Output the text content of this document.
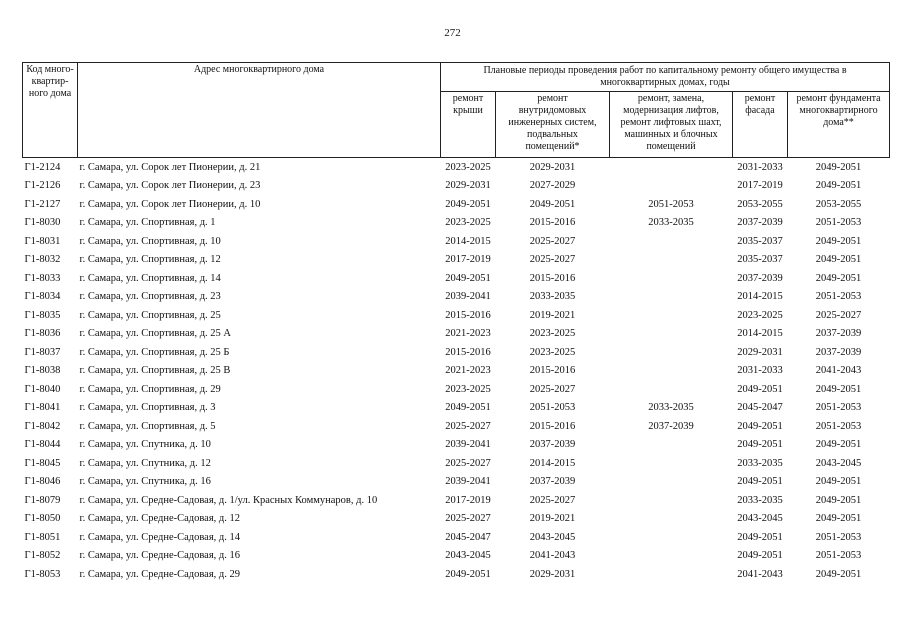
272
Код много-квартир-ного дома	Адрес многоквартирного дома	Плановые периоды проведения работ по капитальному ремонту общего имущества в многоквартирных домах, годы				
		ремонт крыши	ремонт внутридомовых инженерных систем, подвальных помещений*	ремонт, замена, модернизация лифтов, ремонт лифтовых шахт, машинных и блочных помещений	ремонт фасада	ремонт фундамента многоквартирного дома**
Г1-2124	г. Самара, ул. Сорок лет Пионерии, д. 21	2023-2025	2029-2031		2031-2033	2049-2051
Г1-2126	г. Самара, ул. Сорок лет Пионерии, д. 23	2029-2031	2027-2029		2017-2019	2049-2051
Г1-2127	г. Самара, ул. Сорок лет Пионерии, д. 10	2049-2051	2049-2051	2051-2053	2053-2055	2053-2055
Г1-8030	г. Самара, ул. Спортивная, д. 1	2023-2025	2015-2016	2033-2035	2037-2039	2051-2053
Г1-8031	г. Самара, ул. Спортивная, д. 10	2014-2015	2025-2027		2035-2037	2049-2051
Г1-8032	г. Самара, ул. Спортивная, д. 12	2017-2019	2025-2027		2035-2037	2049-2051
Г1-8033	г. Самара, ул. Спортивная, д. 14	2049-2051	2015-2016		2037-2039	2049-2051
Г1-8034	г. Самара, ул. Спортивная, д. 23	2039-2041	2033-2035		2014-2015	2051-2053
Г1-8035	г. Самара, ул. Спортивная, д. 25	2015-2016	2019-2021		2023-2025	2025-2027
Г1-8036	г. Самара, ул. Спортивная, д. 25 А	2021-2023	2023-2025		2014-2015	2037-2039
Г1-8037	г. Самара, ул. Спортивная, д. 25 Б	2015-2016	2023-2025		2029-2031	2037-2039
Г1-8038	г. Самара, ул. Спортивная, д. 25 В	2021-2023	2015-2016		2031-2033	2041-2043
Г1-8040	г. Самара, ул. Спортивная, д. 29	2023-2025	2025-2027		2049-2051	2049-2051
Г1-8041	г. Самара, ул. Спортивная, д. 3	2049-2051	2051-2053	2033-2035	2045-2047	2051-2053
Г1-8042	г. Самара, ул. Спортивная, д. 5	2025-2027	2015-2016	2037-2039	2049-2051	2051-2053
Г1-8044	г. Самара, ул. Спутника, д. 10	2039-2041	2037-2039		2049-2051	2049-2051
Г1-8045	г. Самара, ул. Спутника, д. 12	2025-2027	2014-2015		2033-2035	2043-2045
Г1-8046	г. Самара, ул. Спутника, д. 16	2039-2041	2037-2039		2049-2051	2049-2051
Г1-8079	г. Самара, ул. Средне-Садовая, д. 1/ул. Красных Коммунаров, д. 10	2017-2019	2025-2027		2033-2035	2049-2051
Г1-8050	г. Самара, ул. Средне-Садовая, д. 12	2025-2027	2019-2021		2043-2045	2049-2051
Г1-8051	г. Самара, ул. Средне-Садовая, д. 14	2045-2047	2043-2045		2049-2051	2051-2053
Г1-8052	г. Самара, ул. Средне-Садовая, д. 16	2043-2045	2041-2043		2049-2051	2051-2053
Г1-8053	г. Самара, ул. Средне-Садовая, д. 29	2049-2051	2029-2031		2041-2043	2049-2051
